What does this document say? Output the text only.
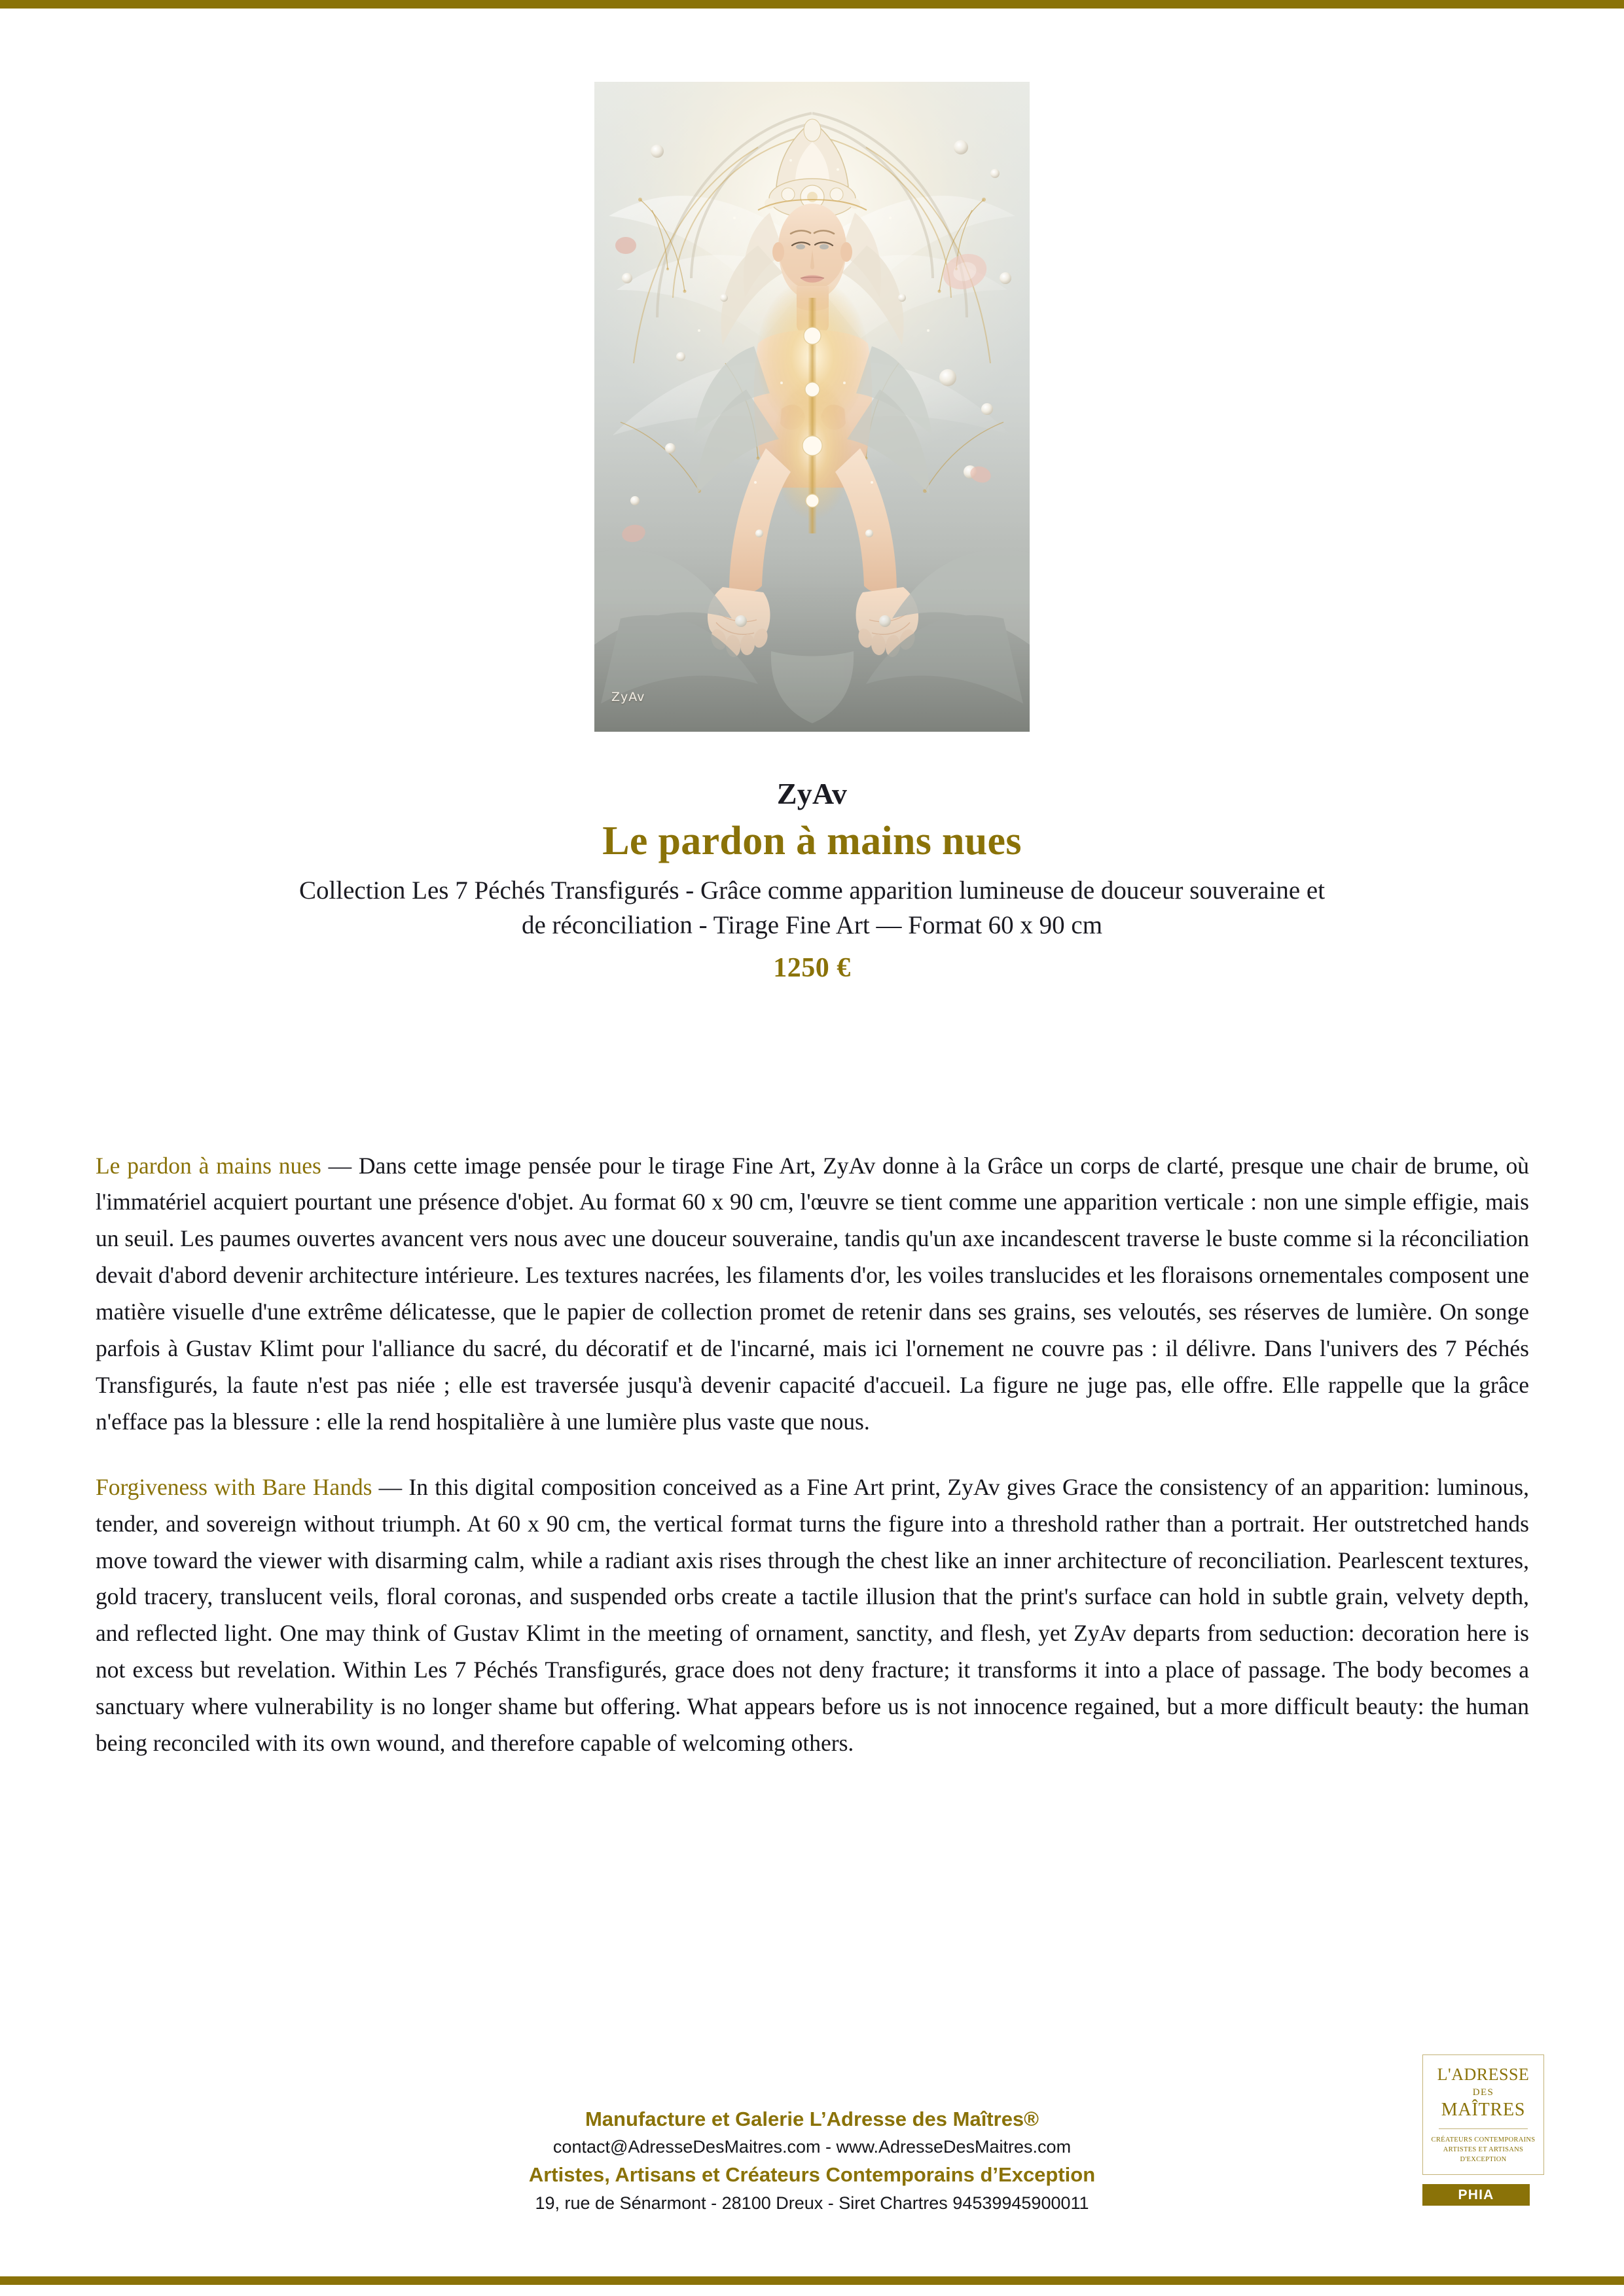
ZyAv
ZyAv
Le pardon à mains nues
Collection Les 7 Péchés Transfigurés - Grâce comme apparition lumineuse de douceur souveraine et de réconciliation - Tirage Fine Art — Format 60 x 90 cm
1250 €

Le pardon à mains nues — Dans cette image pensée pour le tirage Fine Art, ZyAv donne à la Grâce un corps de clarté, presque une chair de brume, où l'immatériel acquiert pourtant une présence d'objet. Au format 60 x 90 cm, l'œuvre se tient comme une apparition verticale : non une simple effigie, mais un seuil. Les paumes ouvertes avancent vers nous avec une douceur souveraine, tandis qu'un axe incandescent traverse le buste comme si la réconciliation devait d'abord devenir architecture intérieure. Les textures nacrées, les filaments d'or, les voiles translucides et les floraisons ornementales composent une matière visuelle d'une extrême délicatesse, que le papier de collection promet de retenir dans ses grains, ses veloutés, ses réserves de lumière. On songe parfois à Gustav Klimt pour l'alliance du sacré, du décoratif et de l'incarné, mais ici l'ornement ne couvre pas : il délivre. Dans l'univers des 7 Péchés Transfigurés, la faute n'est pas niée ; elle est traversée jusqu'à devenir capacité d'accueil. La figure ne juge pas, elle offre. Elle rappelle que la grâce n'efface pas la blessure : elle la rend hospitalière à une lumière plus vaste que nous.

Forgiveness with Bare Hands — In this digital composition conceived as a Fine Art print, ZyAv gives Grace the consistency of an apparition: luminous, tender, and sovereign without triumph. At 60 x 90 cm, the vertical format turns the figure into a threshold rather than a portrait. Her outstretched hands move toward the viewer with disarming calm, while a radiant axis rises through the chest like an inner architecture of reconciliation. Pearlescent textures, gold tracery, translucent veils, floral coronas, and suspended orbs create a tactile illusion that the print's surface can hold in subtle grain, velvety depth, and reflected light. One may think of Gustav Klimt in the meeting of ornament, sanctity, and flesh, yet ZyAv departs from seduction: decoration here is not excess but revelation. Within Les 7 Péchés Transfigurés, grace does not deny fracture; it transforms it into a place of passage. The body becomes a sanctuary where vulnerability is no longer shame but offering. What appears before us is not innocence regained, but a more difficult beauty: the human being reconciled with its own wound, and therefore capable of welcoming others.

Manufacture et Galerie L’Adresse des Maîtres®
contact@AdresseDesMaitres.com - www.AdresseDesMaitres.com
Artistes, Artisans et Créateurs Contemporains d’Exception
19, rue de Sénarmont - 28100 Dreux - Siret Chartres 94539945900011
L'ADRESSE
DES
MAÎTRES
CRÉATEURS CONTEMPORAINS
ARTISTES ET ARTISANS
D'EXCEPTION
PHIA
